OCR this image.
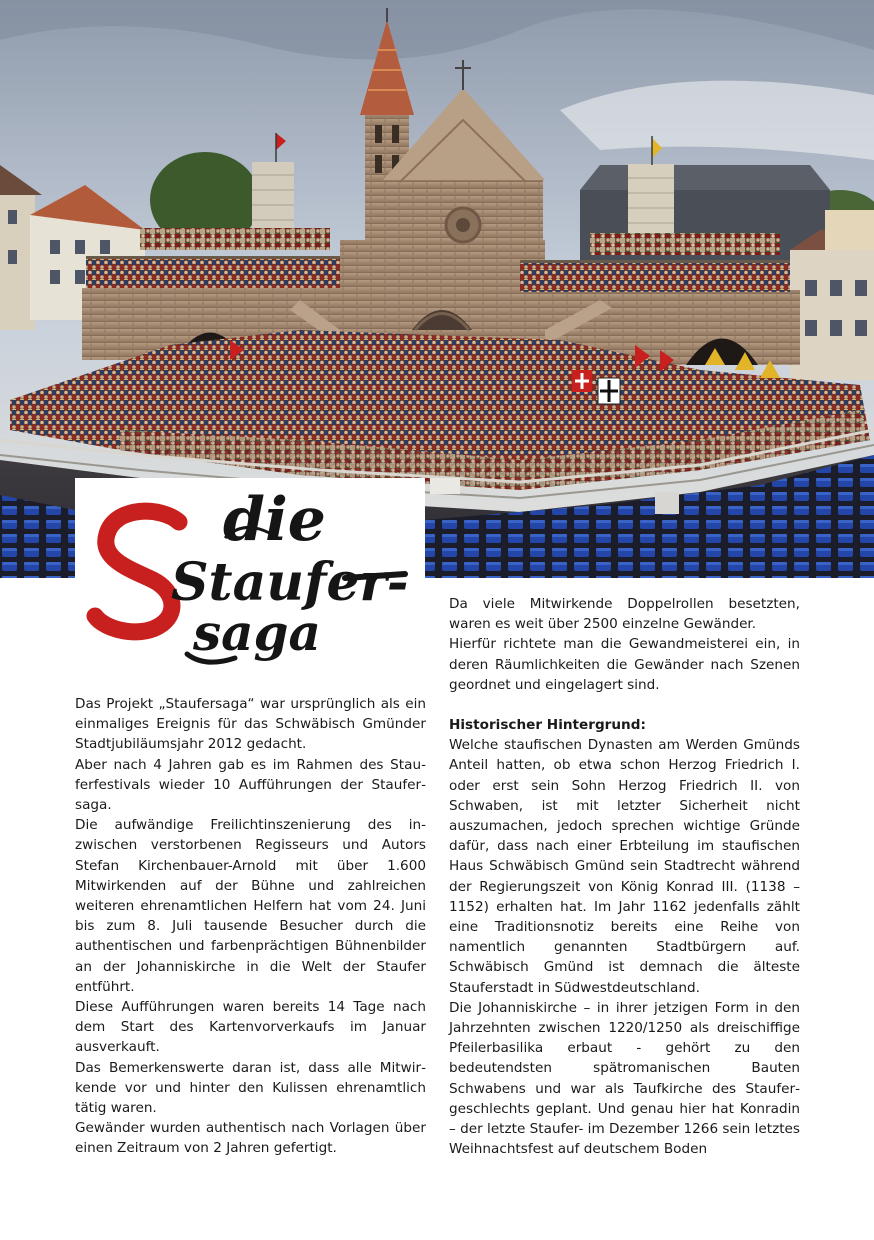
die
Staufer-
saga

Das Projekt „Staufersaga“ war ursprünglich als ein einmaliges Ereignis für das Schwäbisch Gmünder Stadtjubiläumsjahr 2012 gedacht.

Aber nach 4 Jahren gab es im Rahmen des Stauferfestivals wieder 10 Aufführungen der Staufersaga.

Die aufwändige Freilichtinszenierung des inzwischen verstorbenen Regisseurs und Autors Stefan Kirchenbauer-Arnold mit über 1.600 Mitwirkenden auf der Bühne und zahlreichen weiteren ehrenamtlichen Helfern hat vom 24. Juni bis zum 8. Juli tausende Besucher durch die authentischen und farbenprächtigen Bühnenbilder an der Johanniskirche in die Welt der Staufer entführt.

Diese Aufführungen waren bereits 14 Tage nach dem Start des Kartenvorverkaufs im Januar ausverkauft.

Das Bemerkenswerte daran ist, dass alle Mitwirkende vor und hinter den Kulissen ehrenamtlich tätig waren.

Gewänder wurden authentisch nach Vorlagen über einen Zeitraum von 2 Jahren gefertigt.

Da viele Mitwirkende Doppelrollen besetzten, waren es weit über 2500 einzelne Gewänder.

Hierfür richtete man die Gewandmeisterei ein, in deren Räumlichkeiten die Gewänder nach Szenen geordnet und eingelagert sind.

Historischer Hintergrund:

Welche staufischen Dynasten am Werden Gmünds Anteil hatten, ob etwa schon Herzog Friedrich I. oder erst sein Sohn Herzog Friedrich II. von Schwaben, ist mit letzter Sicherheit nicht auszumachen, jedoch sprechen wichtige Gründe dafür, dass nach einer Erbteilung im staufischen Haus Schwäbisch Gmünd sein Stadtrecht während der Regierungszeit von König Konrad III. (1138 – 1152) erhalten hat. Im Jahr 1162 jedenfalls zählt eine Traditionsnotiz bereits eine Reihe von namentlich genannten Stadtbürgern auf. Schwäbisch Gmünd ist demnach die älteste Stauferstadt in Südwestdeutschland.

Die Johanniskirche – in ihrer jetzigen Form in den Jahrzehnten zwischen 1220/1250 als dreischiffige Pfeilerbasilika erbaut - gehört zu den bedeutendsten spätromanischen Bauten Schwabens und war als Taufkirche des Staufergeschlechts geplant. Und genau hier hat Konradin – der letzte Staufer- im Dezember 1266 sein letztes Weihnachtsfest auf deutschem Boden
